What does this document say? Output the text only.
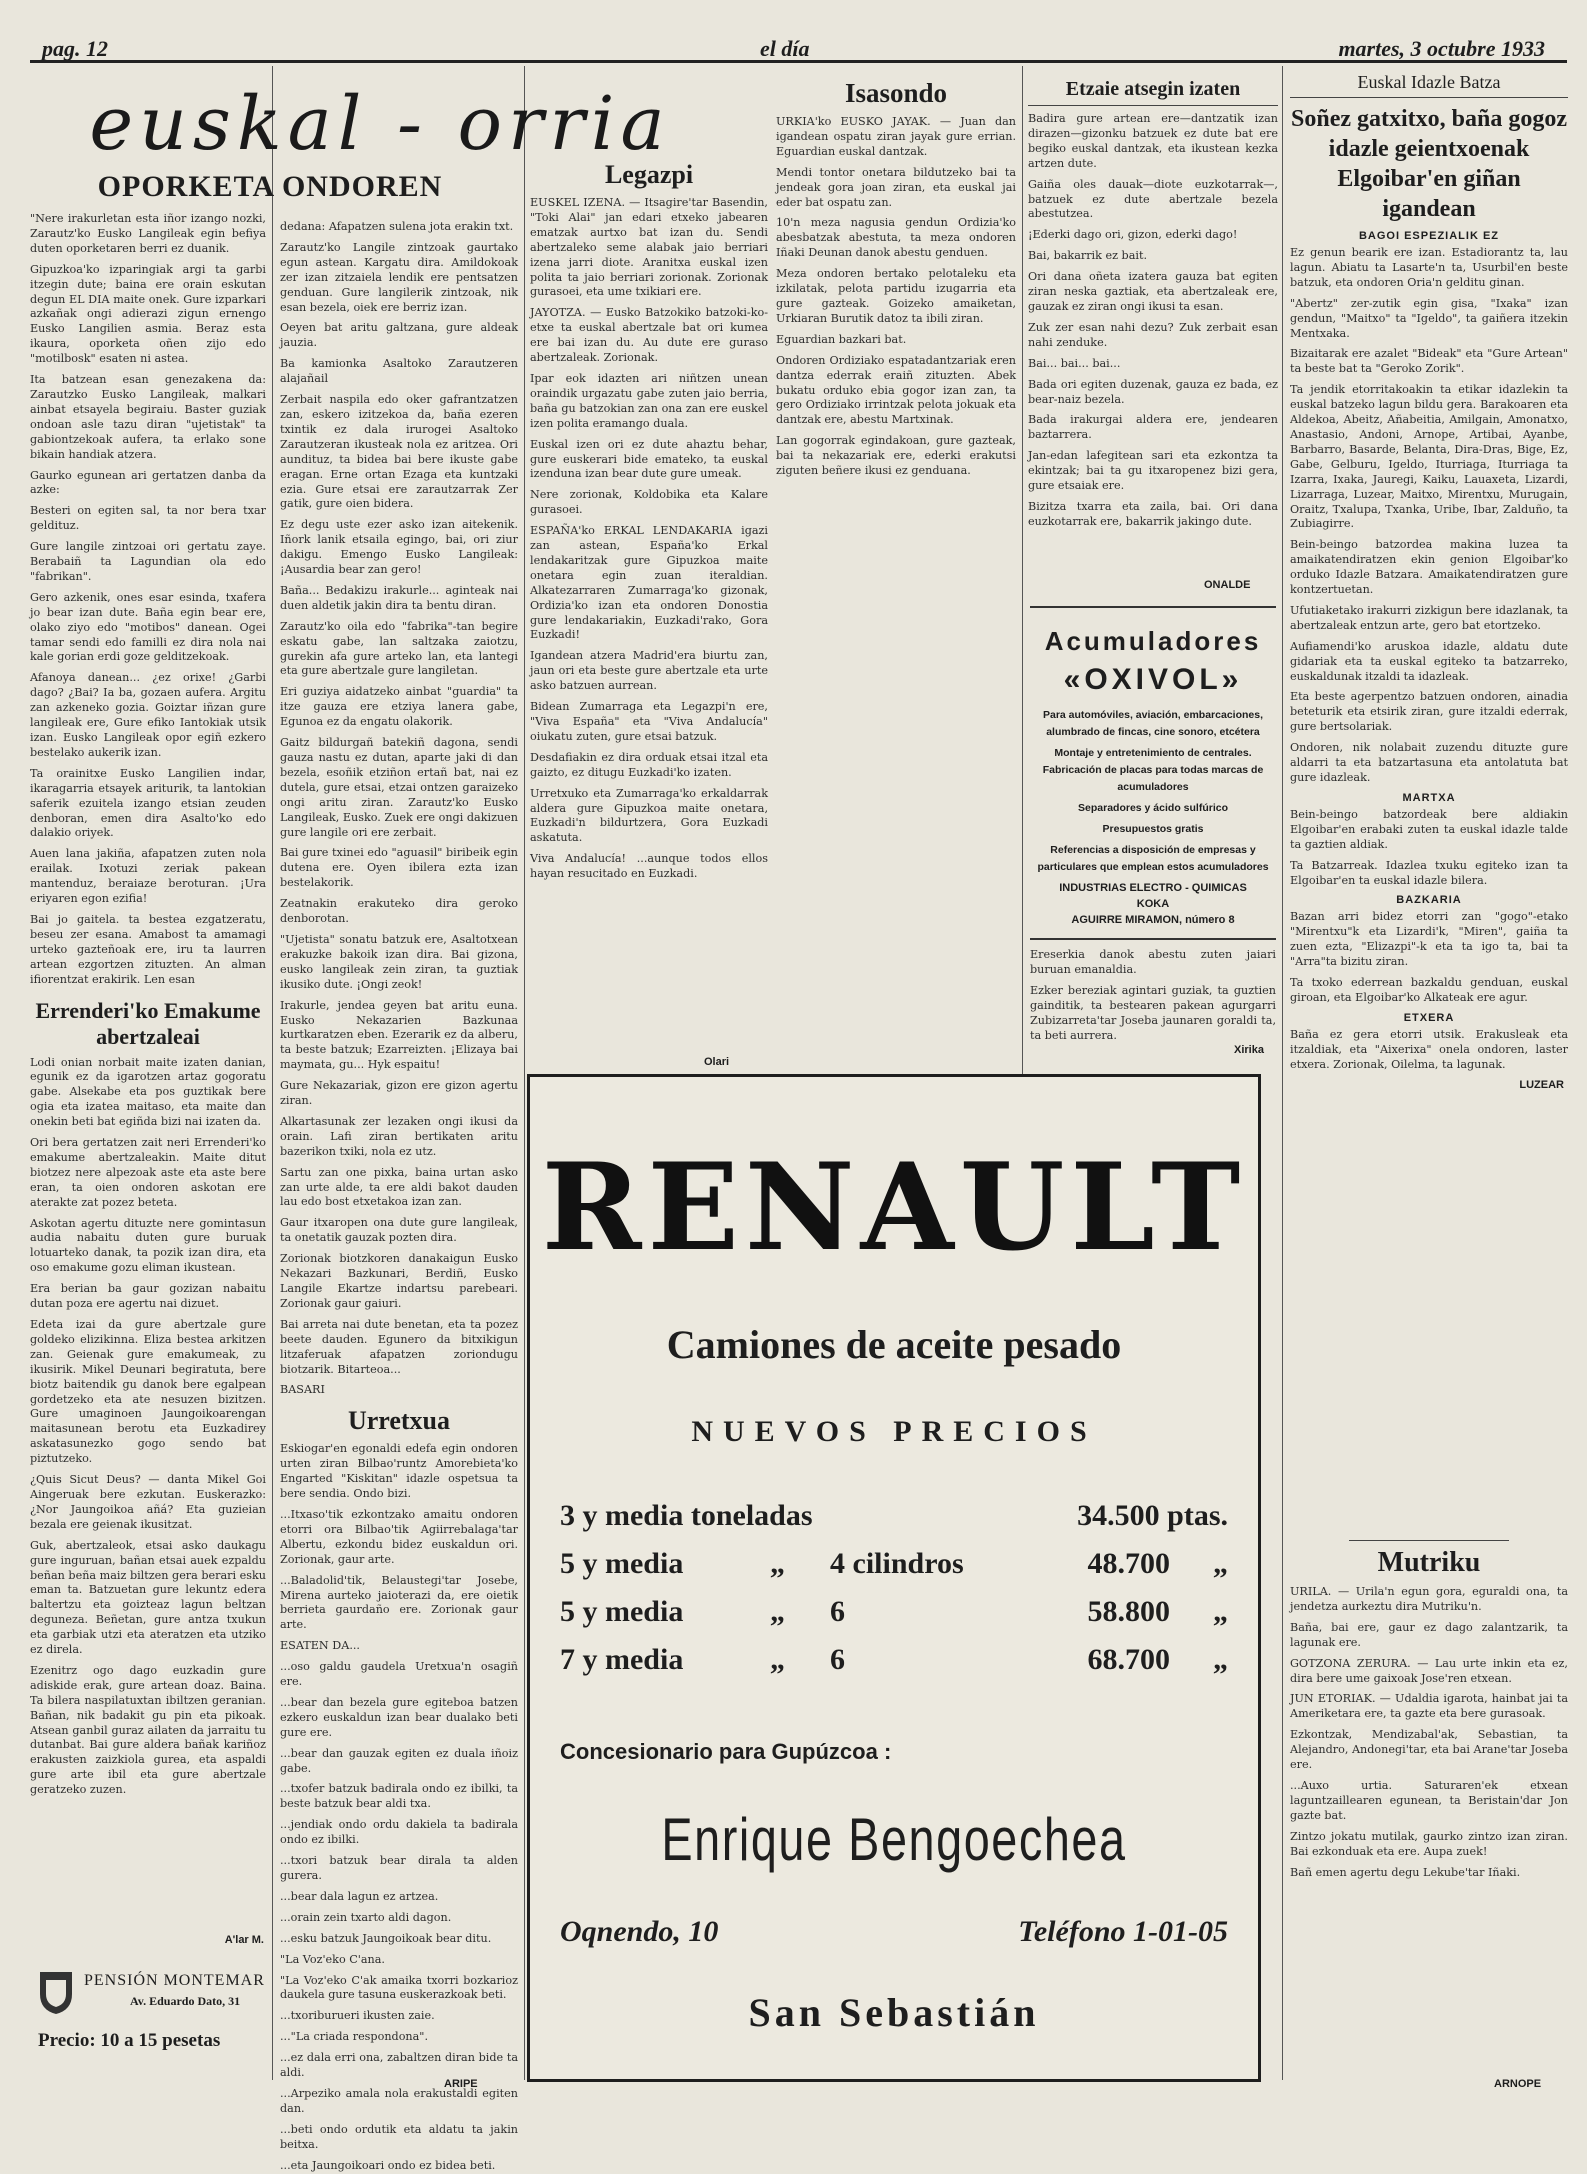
pag. 12	el día	martes, 3 octubre 1933
euskal - orria
OPORKETA ONDOREN

"Nere irakurletan esta iñor izango nozki, Zarautz'ko Eusko Langileak egin befiya duten oporketaren berri ez duanik.

Gipuzkoa'ko izparingiak argi ta garbi itzegin dute; baina ere orain eskutan degun EL DIA maite onek. Gure izparkari azkañak ongi adierazi zigun ernengo Eusko Langilien asmia. Beraz esta ikaura, oporketa oñen zijo edo "motilbosk" esaten ni astea.

Ita batzean esan genezakena da: Zarautzko Eusko Langileak, malkari ainbat etsayela begiraiu. Baster guziak ondoan asle tazu diran "ujetistak" ta gabiontzekoak aufera, ta erlako sone bikain handiak atzera.

Gaurko egunean ari gertatzen danba da azke:

Besteri on egiten sal, ta nor bera txar geldituz.

Gure langile zintzoai ori gertatu zaye. Berabaiñ ta Lagundian ola edo "fabrikan".

Gero azkenik, ones esar esinda, txafera jo bear izan dute. Baña egin bear ere, olako ziyo edo "motibos" danean. Ogei tamar sendi edo familli ez dira nola nai kale gorian erdi goze gelditzekoak.

Afanoya danean... ¿ez orixe! ¿Garbi dago? ¿Bai? Ia ba, gozaen aufera. Argitu zan azkeneko gozia. Goiztar iñzan gure langileak ere, Gure efiko Iantokiak utsik izan. Eusko Langileak opor egiñ ezkero bestelako aukerik izan.

Ta orainitxe Eusko Langilien indar, ikaragarria etsayek ariturik, ta lantokian saferik ezuitela izango etsian zeuden denboran, emen dira Asalto'ko edo dalakio oriyek.

Auen lana jakiña, afapatzen zuten nola erailak. Ixotuzi zeriak pakean mantenduz, beraiaze beroturan. ¡Ura eriyaren egon ezifia!

Bai jo gaitela. ta bestea ezgatzeratu, beseu zer esana. Amabost ta amamagi urteko gazteñoak ere, iru ta laurren artean ezgortzen zituzten. An alman ifiorentzat erakirik. Len esan

Errenderi'ko Emakume abertzaleai

Lodi onian norbait maite izaten danian, egunik ez da igarotzen artaz gogoratu gabe. Alsekabe eta pos guztikak bere ogia eta izatea maitaso, eta maite dan onekin beti bat egiñda bizi nai izaten da.

Ori bera gertatzen zait neri Errenderi'ko emakume abertzaleakin. Maite ditut biotzez nere alpezoak aste eta aste bere eran, ta oien ondoren askotan ere aterakte zat pozez beteta.

Askotan agertu dituzte nere gomintasun audia nabaitu duten gure buruak lotuarteko danak, ta pozik izan dira, eta oso emakume gozu eliman ikustean.

Era berian ba gaur gozizan nabaitu dutan poza ere agertu nai dizuet.

Edeta izai da gure abertzale gure goldeko elizikinna. Eliza bestea arkitzen zan. Geienak gure emakumeak, zu ikusirik. Mikel Deunari begiratuta, bere biotz baitendik gu danok bere egalpean gordetzeko eta ate nesuzen bizitzen. Gure umaginoen Jaungoikoarengan maitasunean berotu eta Euzkadirey askatasunezko gogo sendo bat piztutzeko.

¿Quis Sicut Deus? — danta Mikel Goi Aingeruak bere ezkutan. Euskerazko: ¿Nor Jaungoikoa añá? Eta guzieian bezala ere geienak ikusitzat.

Guk, abertzaleok, etsai asko daukagu gure inguruan, bañan etsai auek ezpaldu beñan beña maiz biltzen gera berari esku eman ta. Batzuetan gure lekuntz edera baltertzu eta goizteaz lagun beltzan deguneza. Beñetan, gure antza txukun eta garbiak utzi eta ateratzen eta utziko ez direla.

Ezenitrz ogo dago euzkadin gure adiskide erak, gure artean doaz. Baina. Ta bilera naspilatuxtan ibiltzen geranian. Bañan, nik badakit gu pin eta pikoak. Atsean ganbil guraz ailaten da jarraitu tu dutanbat. Bai gure aldera bañak kariñoz erakusten zaizkiola gurea, eta aspaldi gure arte ibil eta gure abertzale geratzeko zuzen.

A'lar M.
PENSIÓN MONTEMAR
Av. Eduardo Dato, 31
Precio: 10 a 15 pesetas

dedana: Afapatzen sulena jota erakin txt.

Zarautz'ko Langile zintzoak gaurtako egun astean. Kargatu dira. Amildokoak zer izan zitzaiela lendik ere pentsatzen genduan. Gure langilerik zintzoak, nik esan bezela, oiek ere berriz izan.

Oeyen bat aritu galtzana, gure aldeak jauzia.

Ba kamionka Asaltoko Zarautzeren alajañail

Zerbait naspila edo oker gafrantzatzen zan, eskero izitzekoa da, baña ezeren txintik ez dala irurogei Asaltoko Zarautzeran ikusteak nola ez aritzea. Ori aundituz, ta bidea bai bere ikuste gabe eragan. Erne ortan Ezaga eta kuntzaki ezia. Gure etsai ere zarautzarrak Zer gatik, gure oien bidera.

Ez degu uste ezer asko izan aitekenik. Iñork lanik etsaila egingo, bai, ori ziur dakigu. Emengo Eusko Langileak: ¡Ausardia bear zan gero!

Baña... Bedakizu irakurle... aginteak nai duen aldetik jakin dira ta bentu diran.

Zarautz'ko oila edo "fabrika"-tan begire eskatu gabe, lan saltzaka zaiotzu, gurekin afa gure arteko lan, eta lantegi eta gure abertzale gure langiletan.

Eri guziya aidatzeko ainbat "guardia" ta itze gauza ere etziya lanera gabe, Egunoa ez da engatu olakorik.

Gaitz bildurgañ batekiñ dagona, sendi gauza nastu ez dutan, aparte jaki di dan bezela, esoñik etziñon ertañ bat, nai ez dutela, gure etsai, etzai ontzen garaizeko ongi aritu ziran. Zarautz'ko Eusko Langileak, Eusko. Zuek ere ongi dakizuen gure langile ori ere zerbait.

Bai gure txinei edo "aguasil" biribeik egin dutena ere. Oyen ibilera ezta izan bestelakorik.

Zeatnakin erakuteko dira geroko denborotan.

"Ujetista" sonatu batzuk ere, Asaltotxean erakuzke bakoik izan dira. Bai gizona, eusko langileak zein ziran, ta guztiak ikusiko dute. ¡Ongi zeok!

Irakurle, jendea geyen bat aritu euna. Eusko Nekazarien Bazkunaa kurtkaratzen eben. Ezerarik ez da alberu, ta beste batzuk; Ezarreizten. ¡Elizaya bai maymata, gu... Hyk espaitu!

Gure Nekazariak, gizon ere gizon agertu ziran.

Alkartasunak zer lezaken ongi ikusi da orain. Lafi ziran bertikaten aritu bazerikon txiki, nola ez utz.

Sartu zan one pixka, baina urtan asko zan urte alde, ta ere aldi bakot dauden lau edo bost etxetakoa izan zan.

Gaur itxaropen ona dute gure langileak, ta onetatik gauzak pozten dira.

Zorionak biotzkoren danakaigun Eusko Nekazari Bazkunari, Berdiñ, Eusko Langile Ekartze indartsu parebeari. Zorionak gaur gaiuri.

Bai arreta nai dute benetan, eta ta pozez beete dauden. Egunero da bitxikigun litzaferuak afapatzen zoriondugu biotzarik. Bitarteoa...

BASARI

Urretxua

Eskiogar'en egonaldi edefa egin ondoren urten ziran Bilbao'runtz Amorebieta'ko Engarted "Kiskitan" idazle ospetsua ta bere sendia. Ondo bizi.

...Itxaso'tik ezkontzako amaitu ondoren etorri ora Bilbao'tik Agiirrebalaga'tar Albertu, ezkondu bidez euskaldun ori. Zorionak, gaur arte.

...Baladolid'tik, Belaustegi'tar Josebe, Mirena aurteko jaioterazi da, ere oietik berrieta gaurdaño ere. Zorionak gaur arte.

ESATEN DA...

...oso galdu gaudela Uretxua'n osagiñ ere.

...bear dan bezela gure egiteboa batzen ezkero euskaldun izan bear dualako beti gure ere.

...bear dan gauzak egiten ez duala iñoiz gabe.

...txofer batzuk badirala ondo ez ibilki, ta beste batzuk bear aldi txa.

...jendiak ondo ordu dakiela ta badirala ondo ez ibilki.

...txori batzuk bear dirala ta alden gurera.

...bear dala lagun ez artzea.

...orain zein txarto aldi dagon.

...esku batzuk Jaungoikoak bear ditu.

"La Voz'eko C'ana.

"La Voz'eko C'ak amaika txorri bozkarioz daukela gure tasuna euskerazkoak beti.

...txoriburueri ikusten zaie.

..."La criada respondona".

...ez dala erri ona, zabaltzen diran bide ta aldi.

...Arpeziko amala nola erakustaldi egiten dan.

...beti ondo ordutik eta aldatu ta jakin beitxa.

...eta Jaungoikoari ondo ez bidea beti.

ARIPE
Legazpi

EUSKEL IZENA. — Itsagire'tar Basendin, "Toki Alai" jan edari etxeko jabearen ematzak aurtxo bat izan du. Sendi abertzaleko seme alabak jaio berriari izena jarri diote. Aranitxa euskal izen polita ta jaio berriari zorionak. Zorionak gurasoei, eta ume txikiari ere.

JAYOTZA. — Eusko Batzokiko batzoki-ko-etxe ta euskal abertzale bat ori kumea ere bai izan du. Au dute ere guraso abertzaleak. Zorionak.

Ipar eok idazten ari niñtzen unean oraindik urgazatu gabe zuten jaio berria, baña gu batzokian zan ona zan ere euskel izen polita eramango duala.

Euskal izen ori ez dute ahaztu behar, gure euskerari bide emateko, ta euskal izenduna izan bear dute gure umeak.

Nere zorionak, Koldobika eta Kalare gurasoei.

ESPAÑA'ko ERKAL LENDAKARIA igazi zan astean, España'ko Erkal lendakaritzak gure Gipuzkoa maite onetara egin zuan iteraldian. Alkatezarraren Zumarraga'ko gizonak, Ordizia'ko izan eta ondoren Donostia gure lendakariakin, Euzkadi'rako, Gora Euzkadi!

Igandean atzera Madrid'era biurtu zan, jaun ori eta beste gure abertzale eta urte asko batzuen aurrean.

Bidean Zumarraga eta Legazpi'n ere, "Viva España" eta "Viva Andalucía" oiukatu zuten, gure etsai batzuk.

Desdafiakin ez dira orduak etsai itzal eta gaizto, ez ditugu Euzkadi'ko izaten.

Urretxuko eta Zumarraga'ko erkaldarrak aldera gure Gipuzkoa maite onetara, Euzkadi'n bildurtzera, Gora Euzkadi askatuta.

Viva Andalucía! ...aunque todos ellos hayan resucitado en Euzkadi.

Olari
Isasondo

URKIA'ko EUSKO JAYAK. — Juan dan igandean ospatu ziran jayak gure errian. Eguardian euskal dantzak.

Mendi tontor onetara bildutzeko bai ta jendeak gora joan ziran, eta euskal jai eder bat ospatu zan.

10'n meza nagusia gendun Ordizia'ko abesbatzak abestuta, ta meza ondoren Iñaki Deunan danok abestu genduen.

Meza ondoren bertako pelotaleku eta izkilatak, pelota partidu izugarria eta gure gazteak. Goizeko amaiketan, Urkiaran Burutik datoz ta ibili ziran.

Eguardian bazkari bat.

Ondoren Ordiziako espatadantzariak eren dantza ederrak eraiñ zituzten. Abek bukatu orduko ebia gogor izan zan, ta gero Ordiziako irrintzak pelota jokuak eta dantzak ere, abestu Martxinak.

Lan gogorrak egindakoan, gure gazteak, bai ta nekazariak ere, ederki erakutsi ziguten beñere ikusi ez genduana.

Etzaie atsegin izaten

Badira gure artean ere—dantzatik izan dirazen—gizonku batzuek ez dute bat ere begiko euskal dantzak, eta ikustean kezka artzen dute.

Gaiña oles dauak—diote euzkotarrak—, batzuek ez dute abertzale bezela abestutzea.

¡Ederki dago ori, gizon, ederki dago!

Bai, bakarrik ez bait.

Ori dana oñeta izatera gauza bat egiten ziran neska gaztiak, eta abertzaleak ere, gauzak ez ziran ongi ikusi ta esan.

Zuk zer esan nahi dezu? Zuk zerbait esan nahi zenduke.

Bai... bai... bai...

Bada ori egiten duzenak, gauza ez bada, ez bear-naiz bezela.

Bada irakurgai aldera ere, jendearen baztarrera.

Jan-edan lafegitean sari eta ezkontza ta ekintzak; bai ta gu itxaropenez bizi gera, gure etsaiak ere.

Bizitza txarra eta zaila, bai. Ori dana euzkotarrak ere, bakarrik jakingo dute.

ONALDE
Acumuladores
«OXIVOL»
Para automóviles, aviación, embarcaciones, alumbrado de fincas, cine sonoro, etcétera
Montaje y entretenimiento de centrales. Fabricación de placas para todas marcas de acumuladores
Separadores y ácido sulfúrico
Presupuestos gratis
Referencias a disposición de empresas y particulares que emplean estos acumuladores
INDUSTRIAS ELECTRO - QUIMICAS
KOKA
AGUIRRE MIRAMON, número 8

Ereserkia danok abestu zuten jaiari buruan emanaldia.

Ezker bereziak agintari guziak, ta guztien gainditik, ta bestearen pakean agurgarri Zubizarreta'tar Joseba jaunaren goraldi ta, ta beti aurrera.

Xirika
Euskal Idazle Batza
Soñez gatxitxo, baña gogoz idazle geientxoenak Elgoibar'en giñan igandean
BAGOI ESPEZIALIK EZ

Ez genun bearik ere izan. Estadiorantz ta, lau lagun. Abiatu ta Lasarte'n ta, Usurbil'en beste batzuk, eta ondoren Oria'n gelditu ginan.

"Abertz" zer-zutik egin gisa, "Ixaka" izan gendun, "Maitxo" ta "Igeldo", ta gaiñera itzekin Mentxaka.

Bizaitarak ere azalet "Bideak" eta "Gure Artean" ta beste bat ta "Geroko Zorik".

Ta jendik etorritakoakin ta etikar idazlekin ta euskal batzeko lagun bildu gera. Barakoaren eta Aldekoa, Abeitz, Añabeitia, Amilgain, Amonatxo, Anastasio, Andoni, Arnope, Artibai, Ayanbe, Barbarro, Basarde, Belanta, Dira-Dras, Bige, Ez, Gabe, Gelburu, Igeldo, Iturriaga, Iturriaga ta Izarra, Ixaka, Jauregi, Kaiku, Lauaxeta, Lizardi, Lizarraga, Luzear, Maitxo, Mirentxu, Murugain, Oraitz, Txalupa, Txanka, Uribe, Ibar, Zalduño, ta Zubiagirre.

Bein-beingo batzordea makina luzea ta amaikatendiratzen ekin genion Elgoibar'ko orduko Idazle Batzara. Amaikatendiratzen gure kontzertuetan.

Ufutiaketako irakurri zizkigun bere idazlanak, ta abertzaleak entzun arte, gero bat etortzeko.

Aufiamendi'ko aruskoa idazle, aldatu dute gidariak eta ta euskal egiteko ta batzarreko, euskaldunak itzaldi ta idazleak.

Eta beste agerpentzo batzuen ondoren, ainadia beteturik eta etsirik ziran, gure itzaldi ederrak, gure bertsolariak.

Ondoren, nik nolabait zuzendu dituzte gure aldarri ta eta batzartasuna eta antolatuta bat gure idazleak.

MARTXA

Bein-beingo batzordeak bere aldiakin Elgoibar'en erabaki zuten ta euskal idazle talde ta gaztien aldiak.

Ta Batzarreak. Idazlea txuku egiteko izan ta Elgoibar'en ta euskal idazle bilera.

BAZKARIA

Bazan arri bidez etorri zan "gogo"-etako "Mirentxu"k eta Lizardi'k, "Miren", gaiña ta zuen ezta, "Elizazpi"-k eta ta igo ta, bai ta "Arra"ta bizitu ziran.

Ta txoko ederrean bazkaldu genduan, euskal giroan, eta Elgoibar'ko Alkateak ere agur.

ETXERA

Baña ez gera etorri utsik. Erakusleak eta itzaldiak, eta "Aixerixa" onela ondoren, laster etxera. Zorionak, Oilelma, ta lagunak.

LUZEAR
Mutriku

URILA. — Urila'n egun gora, eguraldi ona, ta jendetza aurkeztu dira Mutriku'n.

Baña, bai ere, gaur ez dago zalantzarik, ta lagunak ere.

GOTZONA ZERURA. — Lau urte inkin eta ez, dira bere ume gaixoak Jose'ren etxean.

JUN ETORIAK. — Udaldia igarota, hainbat jai ta Ameriketara ere, ta gazte eta bere gurasoak.

Ezkontzak, Mendizabal'ak, Sebastian, ta Alejandro, Andonegi'tar, eta bai Arane'tar Joseba ere.

...Auxo urtia. Saturaren'ek etxean laguntzaillearen egunean, ta Beristain'dar Jon gazte bat.

Zintzo jokatu mutilak, gaurko zintzo izan ziran. Bai ezkonduak eta ere. Aupa zuek!

Bañ emen agertu degu Lekube'tar Iñaki.

ARNOPE
RENAULT
Camiones de aceite pesado
NUEVOS PRECIOS
3 y media toneladas	34.500 ptas.
5 y media	„	4 cilindros	48.700	„
5 y media	„	6	58.800	„
7 y media	„	6	68.700	„
Concesionario para Gupúzcoa :
Enrique Bengoechea
Oqnendo, 10	Teléfono 1-01-05
San Sebastián
